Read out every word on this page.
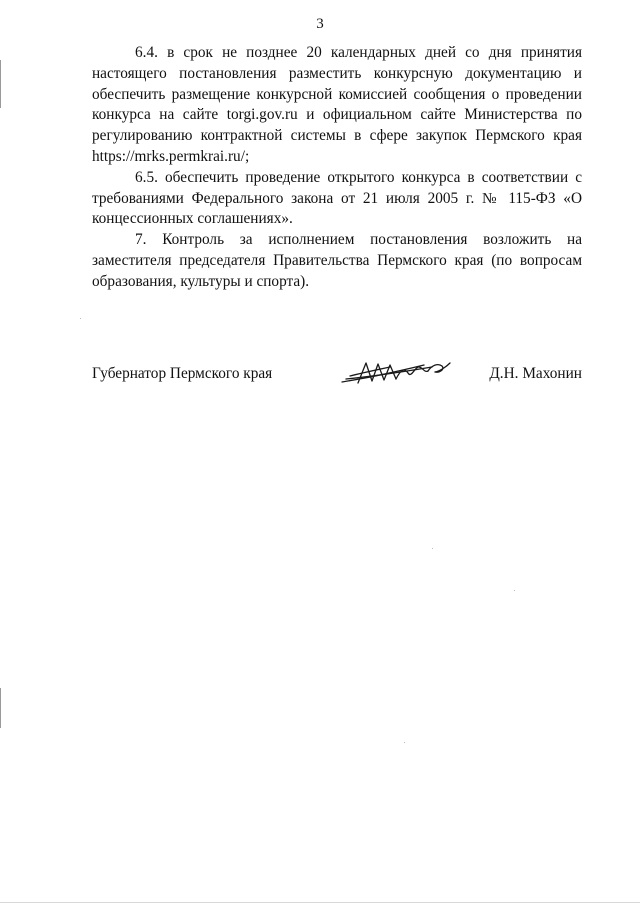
3

6.4. в срок не позднее 20 календарных дней со дня принятия настоящего постановления разместить конкурсную документацию и обеспечить размещение конкурсной комиссией сообщения о проведении конкурса на сайте torgi.gov.ru и официальном сайте Министерства по регулированию контрактной системы в сфере закупок Пермского края https://mrks.permkrai.ru/;

6.5. обеспечить проведение открытого конкурса в соответствии с требованиями Федерального закона от 21 июля 2005 г. № 115-ФЗ «О концессионных соглашениях».

7. Контроль за исполнением постановления возложить на заместителя председателя Правительства Пермского края (по вопросам образования, культуры и спорта).

Губернатор Пермского края	Д.Н. Махонин
